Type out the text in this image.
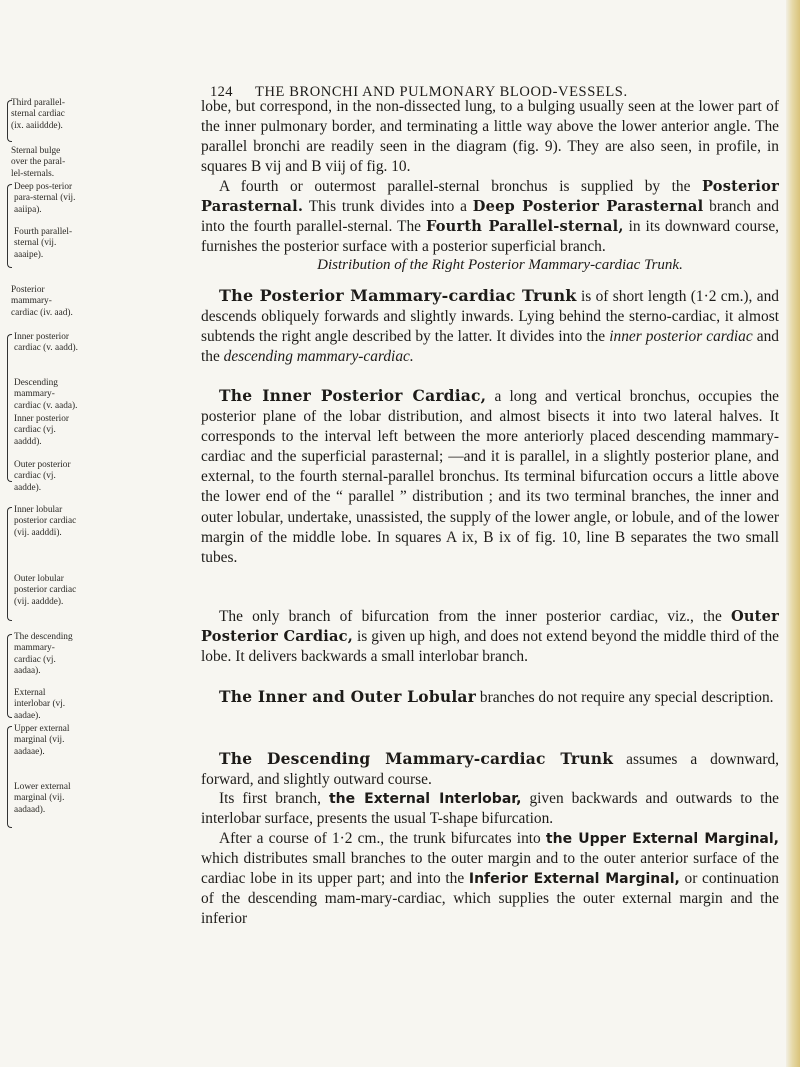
124 THE BRONCHI AND PULMONARY BLOOD-VESSELS.
Third parallel-sternal cardiac (ix. aaiiddde).
Sternal bulge over the paral-lel-sternals.
Deep pos-terior para-sternal (vij. aaiipa).
Fourth parallel-sternal (vij. aaaipe).
Posterior mammary-cardiac (iv. aad).
Inner posterior cardiac (v. aadd).
Descending mammary-cardiac (v. aada).
Inner posterior cardiac (vj. aaddd).
Outer posterior cardiac (vj. aadde).
Inner lobular posterior cardiac (vij. aadddi).
Outer lobular posterior cardiac (vij. aaddde).
The descending mammary-cardiac (vj. aadaa).
External interlobar (vj. aadae).
Upper external marginal (vij. aadaae).
Lower external marginal (vij. aadaad).

lobe, but correspond, in the non-dissected lung, to a bulging usually seen at the lower part of the inner pulmonary border, and terminating a little way above the lower anterior angle. The parallel bronchi are readily seen in the diagram (fig. 9). They are also seen, in profile, in squares B vij and B viij of fig. 10.

A fourth or outermost parallel-sternal bronchus is supplied by the Posterior Parasternal. This trunk divides into a Deep Posterior Parasternal branch and into the fourth parallel-sternal. The Fourth Parallel-sternal, in its downward course, furnishes the posterior surface with a posterior superficial branch.

Distribution of the Right Posterior Mammary-cardiac Trunk.

The Posterior Mammary-cardiac Trunk is of short length (1·2 cm.), and descends obliquely forwards and slightly inwards. Lying behind the sterno-cardiac, it almost subtends the right angle described by the latter. It divides into the inner posterior cardiac and the descending mammary-cardiac.

The Inner Posterior Cardiac, a long and vertical bronchus, occupies the posterior plane of the lobar distribution, and almost bisects it into two lateral halves. It corresponds to the interval left between the more anteriorly placed descending mammary-cardiac and the superficial parasternal; —and it is parallel, in a slightly posterior plane, and external, to the fourth sternal-parallel bronchus. Its terminal bifurcation occurs a little above the lower end of the “ parallel ” distribution ; and its two terminal branches, the inner and outer lobular, undertake, unassisted, the supply of the lower angle, or lobule, and of the lower margin of the middle lobe. In squares A ix, B ix of fig. 10, line B separates the two small tubes.

The only branch of bifurcation from the inner posterior cardiac, viz., the Outer Posterior Cardiac, is given up high, and does not extend beyond the middle third of the lobe. It delivers backwards a small interlobar branch.

The Inner and Outer Lobular branches do not require any special description.

The Descending Mammary-cardiac Trunk assumes a downward, forward, and slightly outward course.

Its first branch, the External Interlobar, given backwards and outwards to the interlobar surface, presents the usual T-shape bifurcation.

After a course of 1·2 cm., the trunk bifurcates into the Upper External Marginal, which distributes small branches to the outer margin and to the outer anterior surface of the cardiac lobe in its upper part; and into the Inferior External Marginal, or continuation of the descending mam-mary-cardiac, which supplies the outer external margin and the inferior
